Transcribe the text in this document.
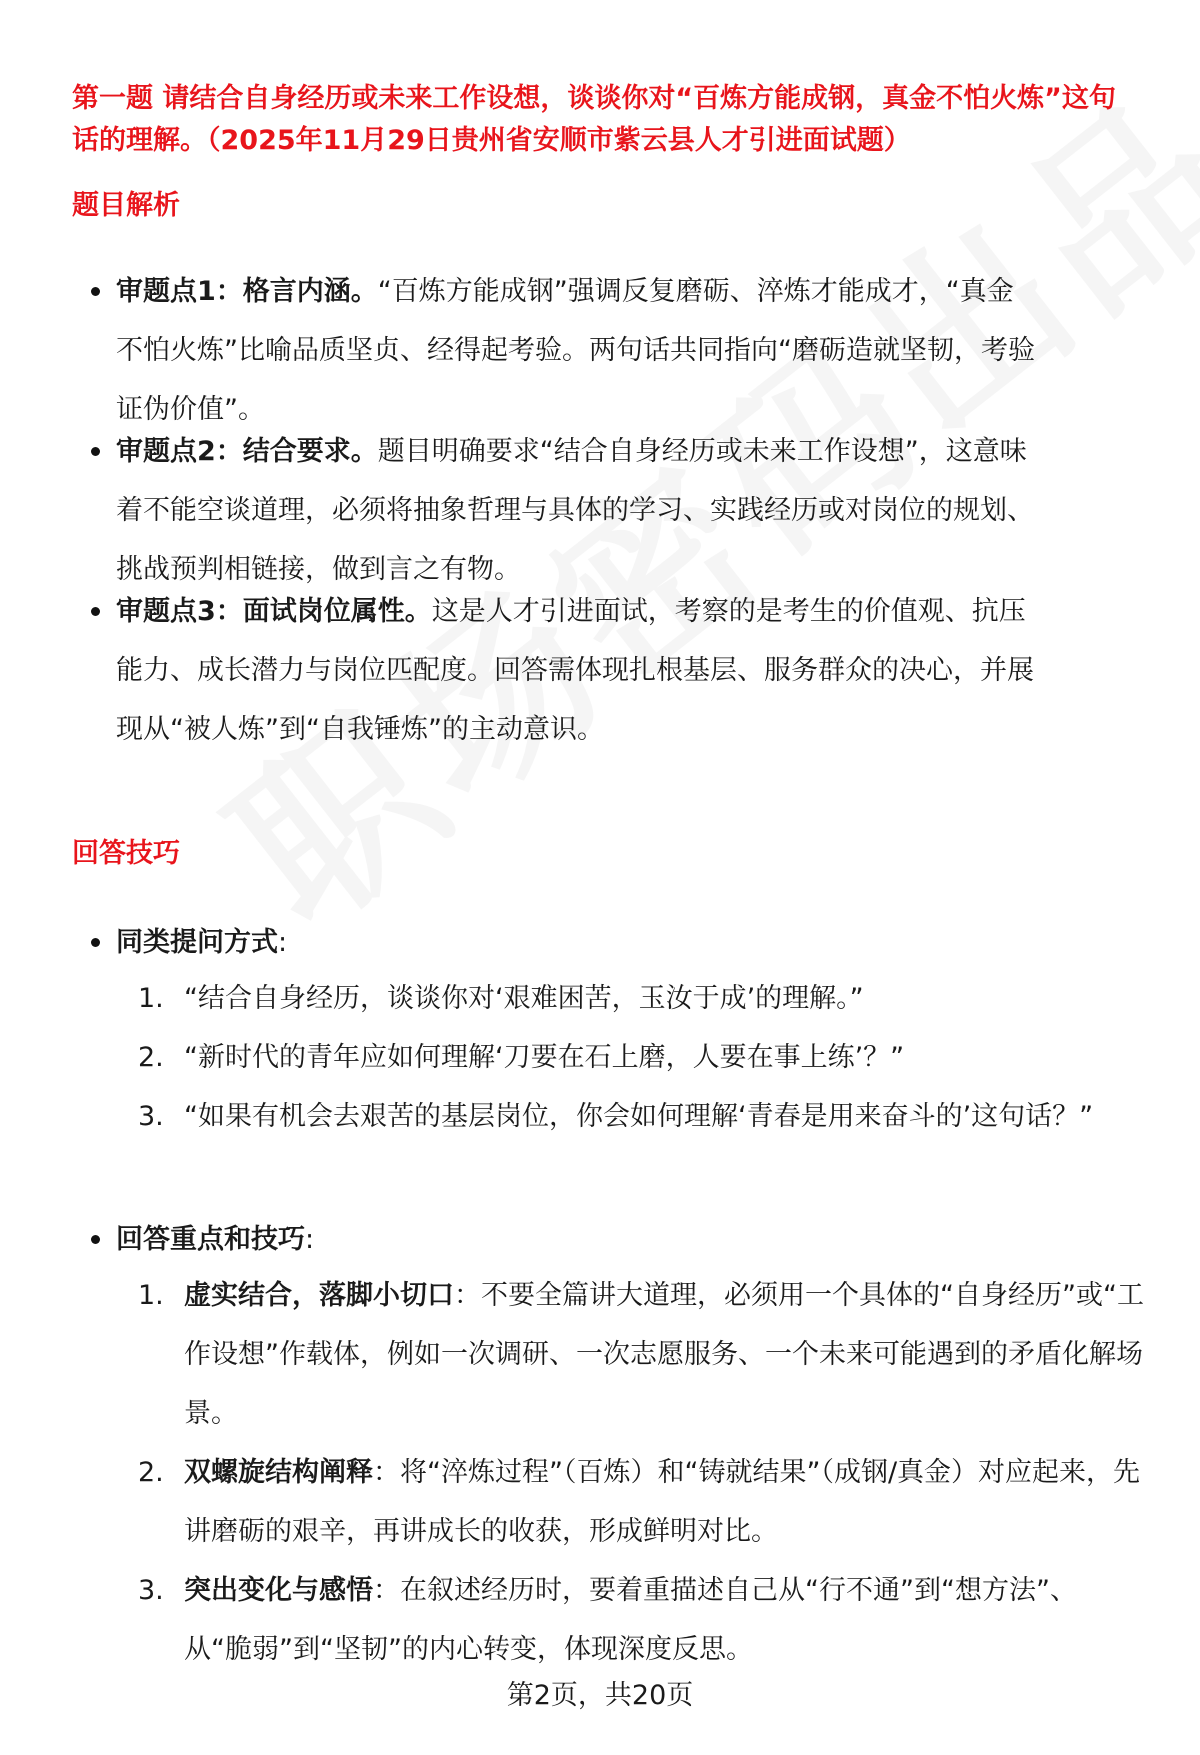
第一题 请结合自身经历或未来工作设想，谈谈你对“百炼方能成钢，真金不怕火炼”这句话的理解。（2025年11月29日贵州省安顺市紫云县人才引进面试题）
题目解析
审题点1：格言内涵。“百炼方能成钢”强调反复磨砺、淬炼才能成才，“真金不怕火炼”比喻品质坚贞、经得起考验。两句话共同指向“磨砺造就坚韧，考验证伪价值”。
审题点2：结合要求。题目明确要求“结合自身经历或未来工作设想”，这意味着不能空谈道理，必须将抽象哲理与具体的学习、实践经历或对岗位的规划、挑战预判相链接，做到言之有物。
审题点3：面试岗位属性。这是人才引进面试，考察的是考生的价值观、抗压能力、成长潜力与岗位匹配度。回答需体现扎根基层、服务群众的决心，并展现从“被人炼”到“自我锤炼”的主动意识。
回答技巧
同类提问方式:
1. “结合自身经历，谈谈你对‘艰难困苦，玉汝于成’的理解。”
2. “新时代的青年应如何理解‘刀要在石上磨，人要在事上练’？”
3. “如果有机会去艰苦的基层岗位，你会如何理解‘青春是用来奋斗的’这句话？”
回答重点和技巧:
1. 虚实结合，落脚小切口：不要全篇讲大道理，必须用一个具体的“自身经历”或“工作设想”作载体，例如一次调研、一次志愿服务、一个未来可能遇到的矛盾化解场景。
2. 双螺旋结构阐释：将“淬炼过程”（百炼）和“铸就结果”（成钢/真金）对应起来，先讲磨砺的艰辛，再讲成长的收获，形成鲜明对比。
3. 突出变化与感悟：在叙述经历时，要着重描述自己从“行不通”到“想方法”、从“脆弱”到“坚韧”的内心转变，体现深度反思。
第2页，共20页
